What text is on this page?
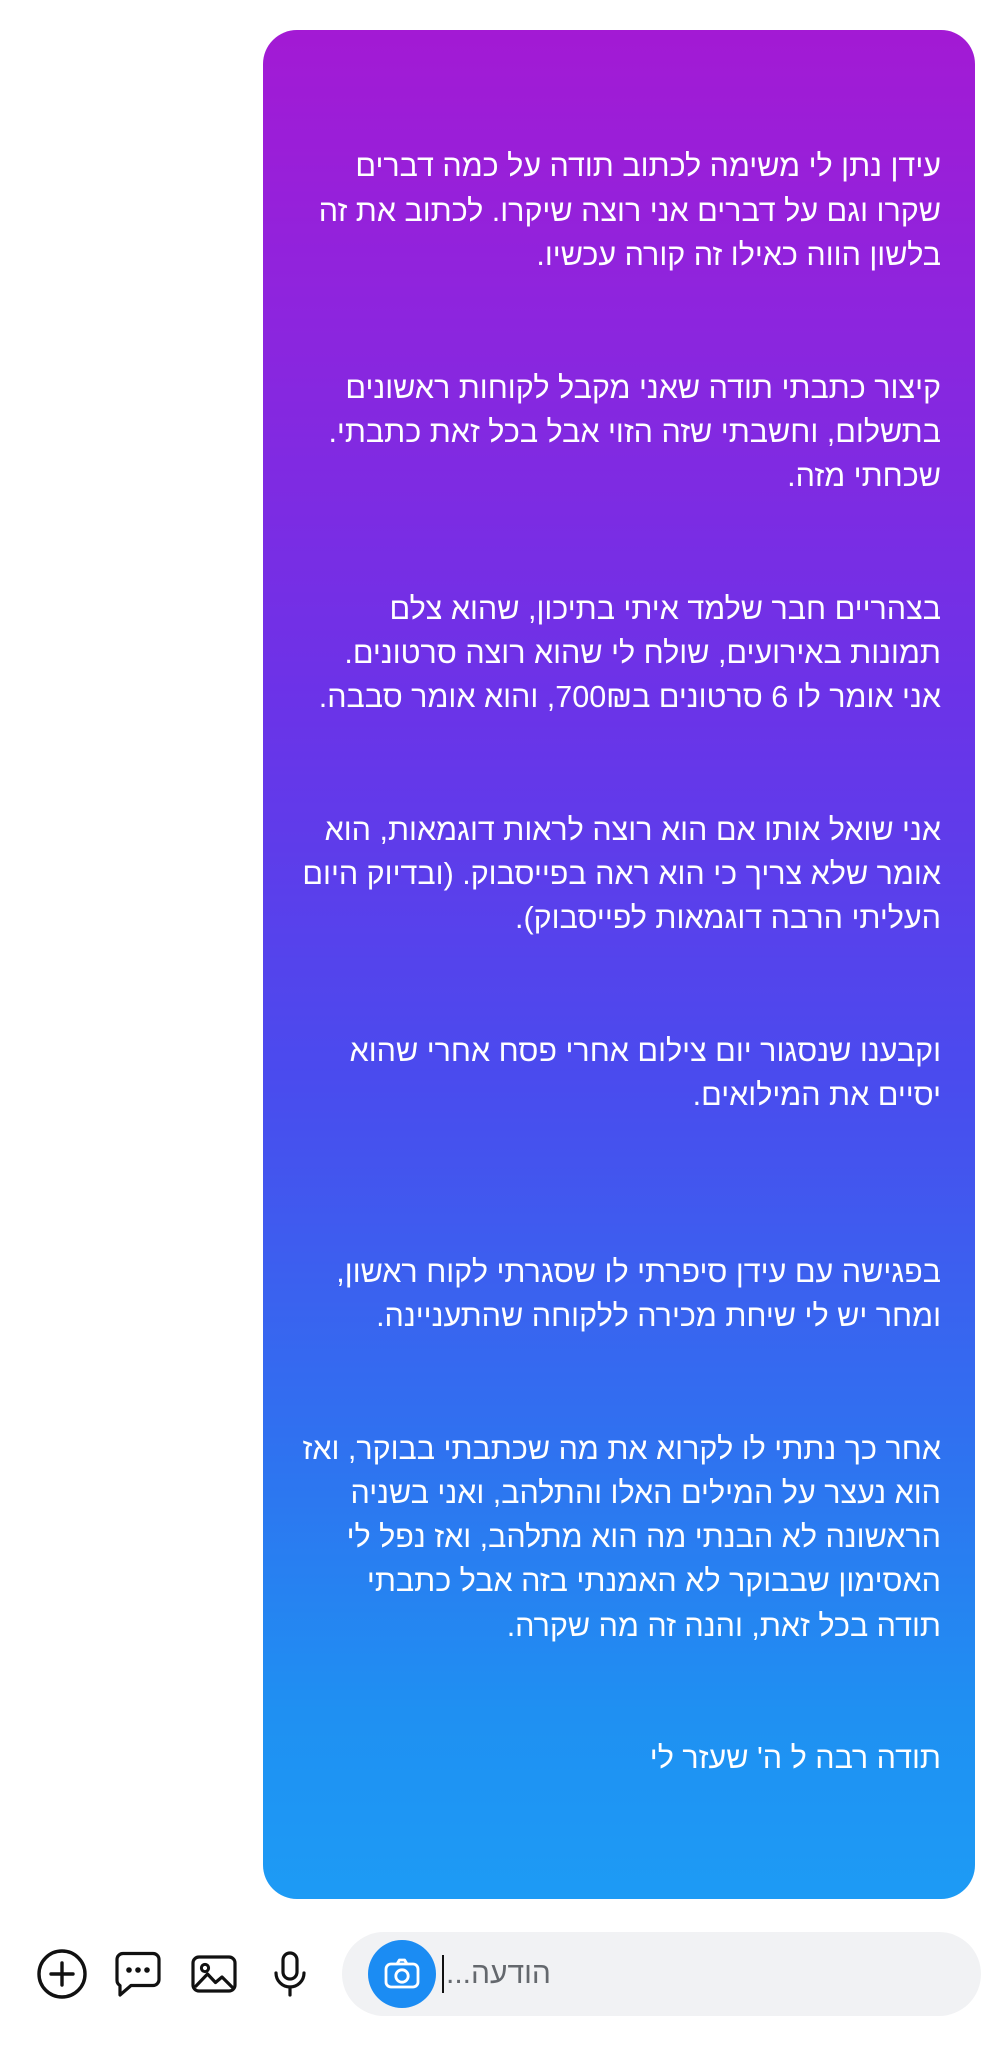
עידן נתן לי משימה לכתוב תודה על כמה דברים שקרו וגם על דברים אני רוצה שיקרו. לכתוב את זה בלשון הווה כאילו זה קורה עכשיו.

קיצור כתבתי תודה שאני מקבל לקוחות ראשונים בתשלום, וחשבתי שזה הזוי אבל בכל זאת כתבתי. שכחתי מזה.

בצהריים חבר שלמד איתי בתיכון, שהוא צלם תמונות באירועים, שולח לי שהוא רוצה סרטונים. אני אומר לו 6 סרטונים ב700₪, והוא אומר סבבה.

אני שואל אותו אם הוא רוצה לראות דוגמאות, הוא אומר שלא צריך כי הוא ראה בפייסבוק. (ובדיוק היום העליתי הרבה דוגמאות לפייסבוק).

וקבענו שנסגור יום צילום אחרי פסח אחרי שהוא יסיים את המילואים.

בפגישה עם עידן סיפרתי לו שסגרתי לקוח ראשון, ומחר יש לי שיחת מכירה ללקוחה שהתעניינה.

אחר כך נתתי לו לקרוא את מה שכתבתי בבוקר, ואז הוא נעצר על המילים האלו והתלהב, ואני בשניה הראשונה לא הבנתי מה הוא מתלהב, ואז נפל לי האסימון שבבוקר לא האמנתי בזה אבל כתבתי תודה בכל זאת, והנה זה מה שקרה.

תודה רבה ל ה' שעזר לי

הודעה...
